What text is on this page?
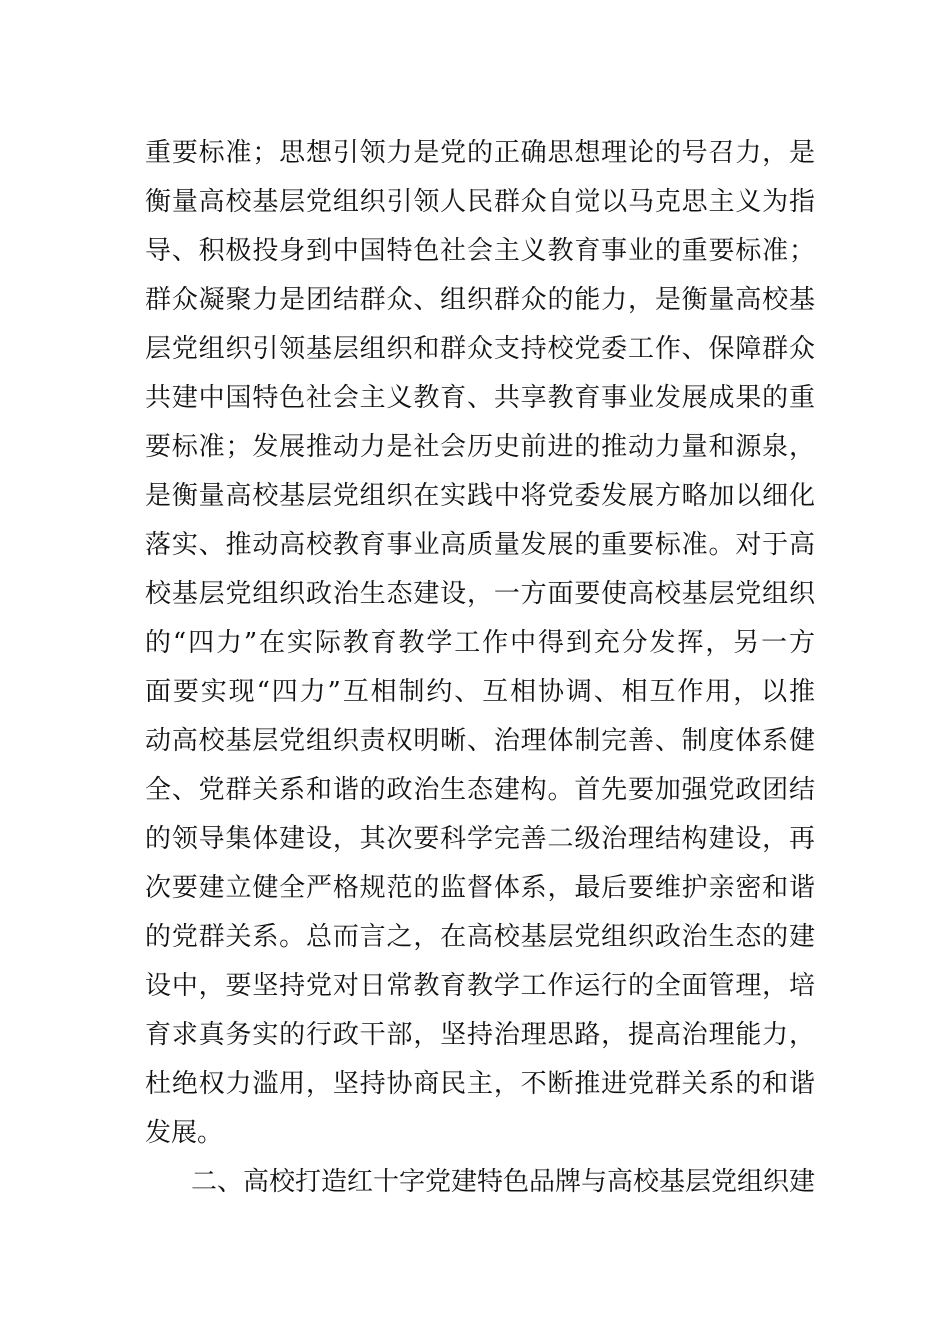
重要标准；思想引领力是党的正确思想理论的号召力，是
衡量高校基层党组织引领人民群众自觉以马克思主义为指
导、积极投身到中国特色社会主义教育事业的重要标准；
群众凝聚力是团结群众、组织群众的能力，是衡量高校基
层党组织引领基层组织和群众支持校党委工作、保障群众
共建中国特色社会主义教育、共享教育事业发展成果的重
要标准；发展推动力是社会历史前进的推动力量和源泉，
是衡量高校基层党组织在实践中将党委发展方略加以细化
落实、推动高校教育事业高质量发展的重要标准。对于高
校基层党组织政治生态建设，一方面要使高校基层党组织
的“四力”在实际教育教学工作中得到充分发挥，另一方
面要实现“四力”互相制约、互相协调、相互作用，以推
动高校基层党组织责权明晰、治理体制完善、制度体系健
全、党群关系和谐的政治生态建构。首先要加强党政团结
的领导集体建设，其次要科学完善二级治理结构建设，再
次要建立健全严格规范的监督体系，最后要维护亲密和谐
的党群关系。总而言之，在高校基层党组织政治生态的建
设中，要坚持党对日常教育教学工作运行的全面管理，培
育求真务实的行政干部，坚持治理思路，提高治理能力，
杜绝权力滥用，坚持协商民主，不断推进党群关系的和谐
发展。
二、高校打造红十字党建特色品牌与高校基层党组织建
